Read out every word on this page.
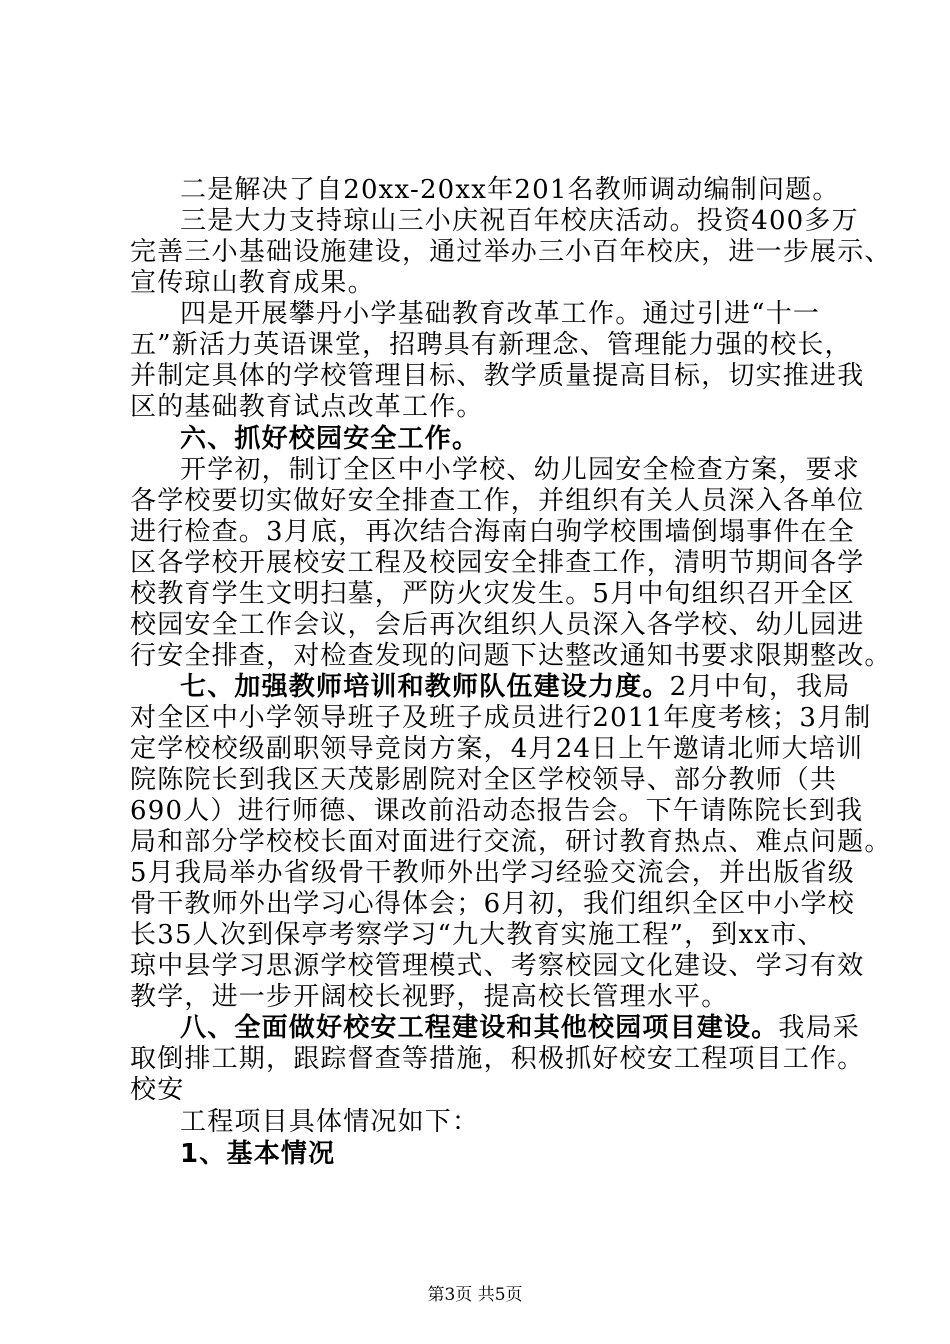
二是解决了自20xx-20xx年201名教师调动编制问题。
三是大力支持琼山三小庆祝百年校庆活动。投资400多万
完善三小基础设施建设，通过举办三小百年校庆，进一步展示、
宣传琼山教育成果。
四是开展攀丹小学基础教育改革工作。通过引进“十一
五”新活力英语课堂，招聘具有新理念、管理能力强的校长，
并制定具体的学校管理目标、教学质量提高目标，切实推进我
区的基础教育试点改革工作。
六、抓好校园安全工作。
开学初，制订全区中小学校、幼儿园安全检查方案，要求
各学校要切实做好安全排查工作，并组织有关人员深入各单位
进行检查。3月底，再次结合海南白驹学校围墙倒塌事件在全
区各学校开展校安工程及校园安全排查工作，清明节期间各学
校教育学生文明扫墓，严防火灾发生。5月中旬组织召开全区
校园安全工作会议，会后再次组织人员深入各学校、幼儿园进
行安全排查，对检查发现的问题下达整改通知书要求限期整改。
七、加强教师培训和教师队伍建设力度。2月中旬，我局
对全区中小学领导班子及班子成员进行2011年度考核；3月制
定学校校级副职领导竞岗方案，4月24日上午邀请北师大培训
院陈院长到我区天茂影剧院对全区学校领导、部分教师（共
690人）进行师德、课改前沿动态报告会。下午请陈院长到我
局和部分学校校长面对面进行交流，研讨教育热点、难点问题。
5月我局举办省级骨干教师外出学习经验交流会，并出版省级
骨干教师外出学习心得体会；6月初，我们组织全区中小学校
长35人次到保亭考察学习“九大教育实施工程”，到xx市、
琼中县学习思源学校管理模式、考察校园文化建设、学习有效
教学，进一步开阔校长视野，提高校长管理水平。
八、全面做好校安工程建设和其他校园项目建设。我局采
取倒排工期，跟踪督查等措施，积极抓好校安工程项目工作。
校安
工程项目具体情况如下：
1、基本情况
第3页 共5页
